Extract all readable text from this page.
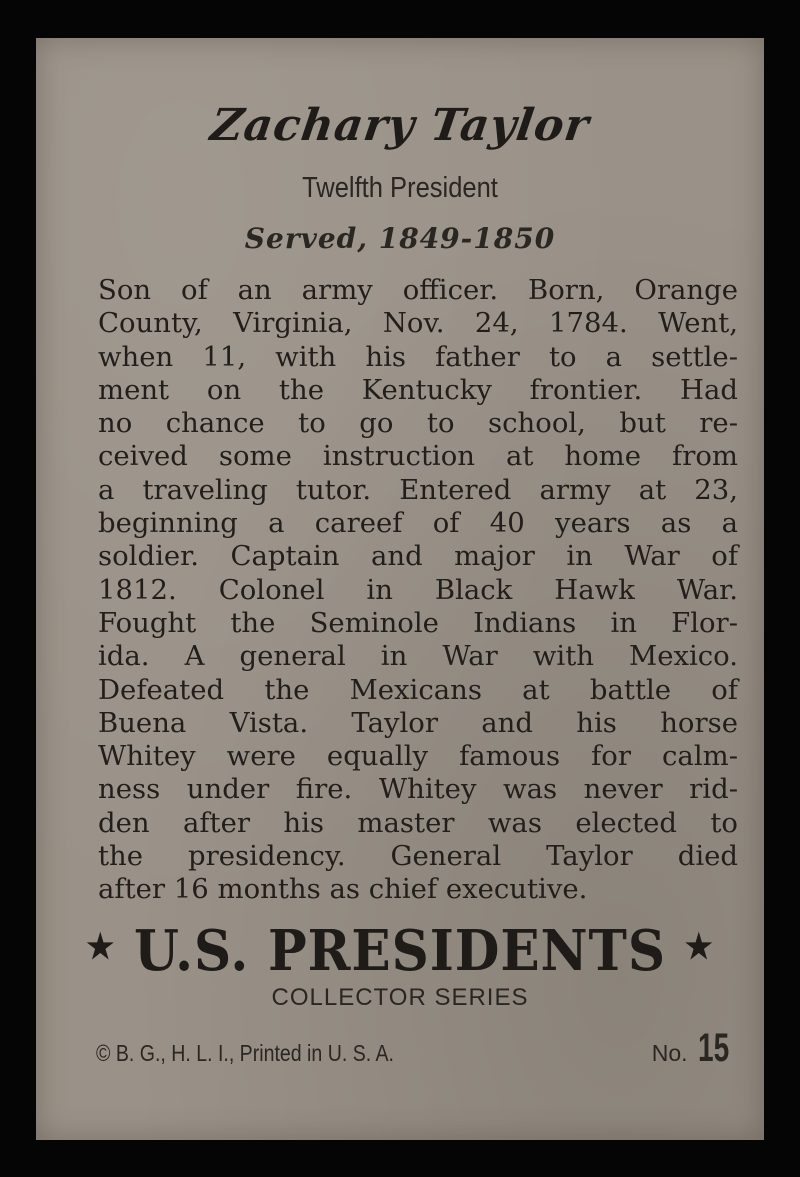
Zachary Taylor
Twelfth President
Served, 1849-1850
Son of an army officer. Born, Orange
County, Virginia, Nov. 24, 1784. Went,
when 11, with his father to a settle-
ment on the Kentucky frontier. Had
no chance to go to school, but re-
ceived some instruction at home from
a traveling tutor. Entered army at 23,
beginning a careef of 40 years as a
soldier. Captain and major in War of
1812. Colonel in Black Hawk War.
Fought the Seminole Indians in Flor-
ida. A general in War with Mexico.
Defeated the Mexicans at battle of
Buena Vista. Taylor and his horse
Whitey were equally famous for calm-
ness under fire. Whitey was never rid-
den after his master was elected to
the presidency. General Taylor died
after 16 months as chief executive.
★ U.S. PRESIDENTS ★
COLLECTOR SERIES
© B. G., H. L. I., Printed in U. S. A.	No. 15
